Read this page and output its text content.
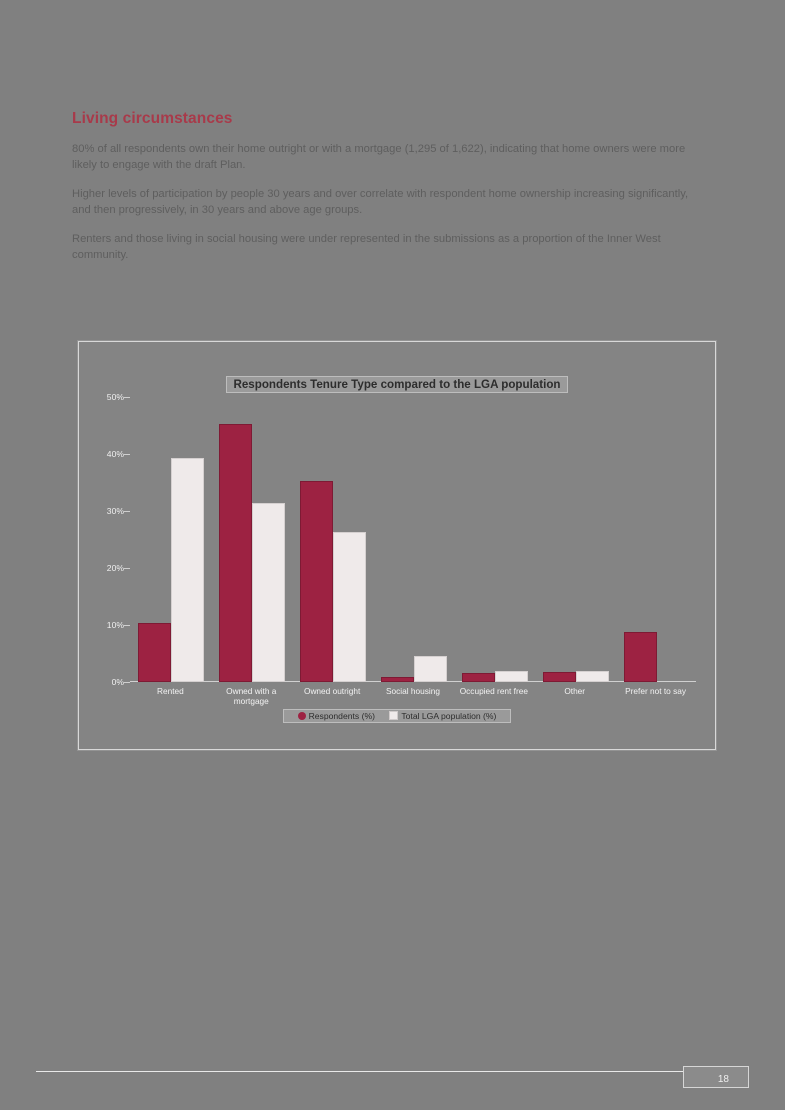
Living circumstances

80% of all respondents own their home outright or with a mortgage (1,295 of 1,622), indicating that home owners were more likely to engage with the draft Plan.

Higher levels of participation by people 30 years and over correlate with respondent home ownership increasing significantly, and then progressively, in 30 years and above age groups.

Renters and those living in social housing were under represented in the submissions as a proportion of the Inner West community.

Respondents Tenure Type compared to the LGA population
0%
10%
20%
30%
40%
50%
Rented	Owned with a mortgage
Owned outright	Social housing	Occupied rent free	Other	Prefer not to say
Respondents (%)	Total LGA population (%)
18
